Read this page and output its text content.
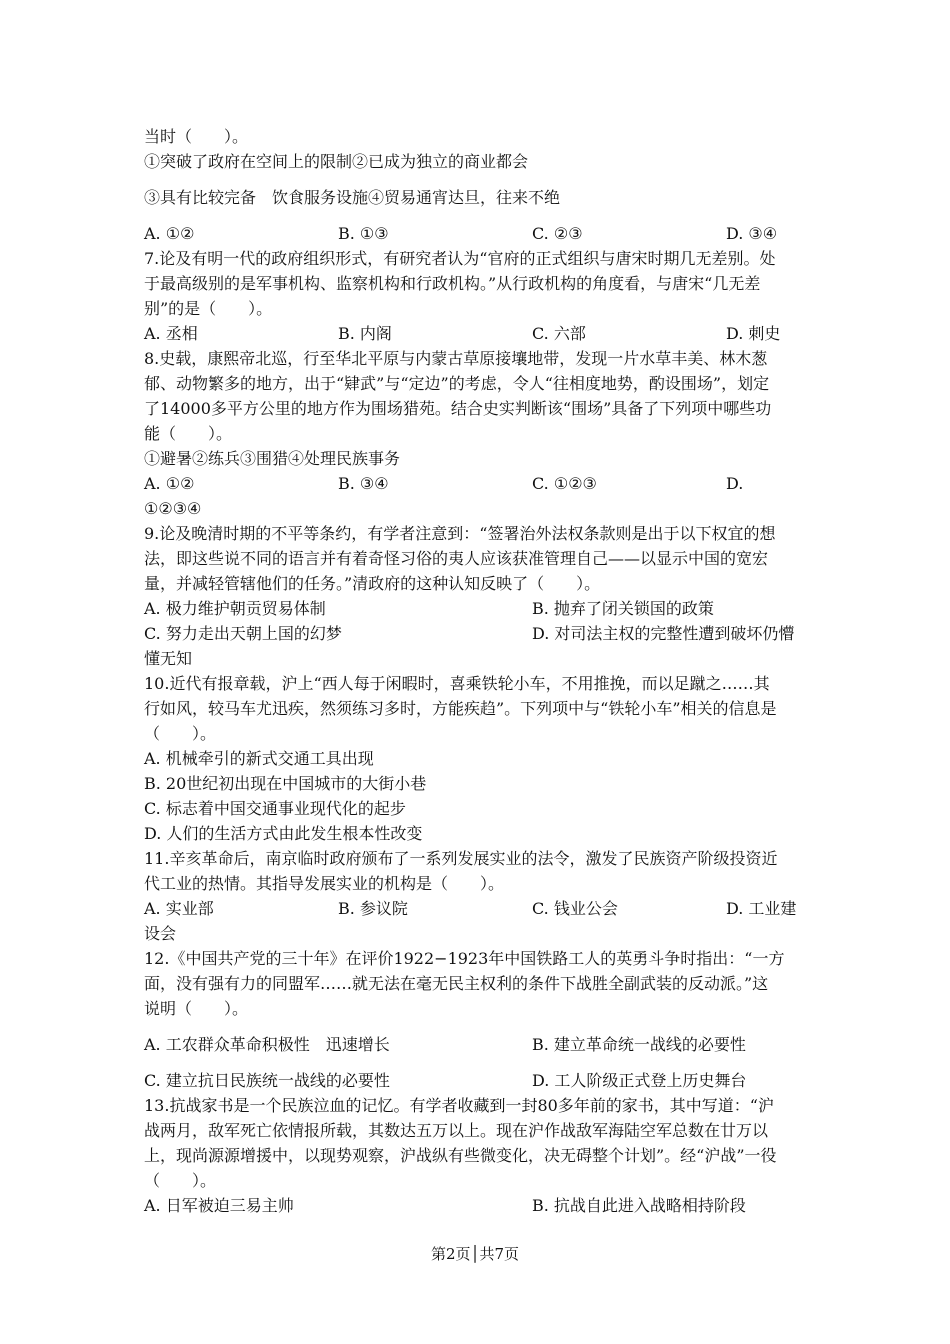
当时（　　）。
①突破了政府在空间上的限制②已成为独立的商业都会
③具有比较完备　饮食服务设施④贸易通宵达旦，往来不绝
A. ①②	B. ①③	C. ②③	D. ③④
7.论及有明一代的政府组织形式，有研究者认为“官府的正式组织与唐宋时期几无差别。处
于最高级别的是军事机构、监察机构和行政机构。”从行政机构的角度看，与唐宋“几无差
别”的是（　　）。
A. 丞相	B. 内阁	C. 六部	D. 刺史
8.史载，康熙帝北巡，行至华北平原与内蒙古草原接壤地带，发现一片水草丰美、林木葱
郁、动物繁多的地方，出于“肄武”与“定边”的考虑，令人“往相度地势，酌设围场”，划定
了14000多平方公里的地方作为围场猎苑。结合史实判断该“围场”具备了下列项中哪些功
能（　　）。
①避暑②练兵③围猎④处理民族事务
A. ①②	B. ③④	C. ①②③	D.
①②③④
9.论及晚清时期的不平等条约，有学者注意到：“签署治外法权条款则是出于以下权宜的想
法，即这些说不同的语言并有着奇怪习俗的夷人应该获准管理自己——以显示中国的宽宏
量，并减轻管辖他们的任务。”清政府的这种认知反映了（　　）。
A. 极力维护朝贡贸易体制	B. 抛弃了闭关锁国的政策
C. 努力走出天朝上国的幻梦	D. 对司法主权的完整性遭到破坏仍懵
懂无知
10.近代有报章载，沪上“西人每于闲暇时，喜乘铁轮小车，不用推挽，而以足蹴之……其
行如风，较马车尤迅疾，然须练习多时，方能疾趋”。下列项中与“铁轮小车”相关的信息是
（　　）。
A. 机械牵引的新式交通工具出现
B. 20世纪初出现在中国城市的大街小巷
C. 标志着中国交通事业现代化的起步
D. 人们的生活方式由此发生根本性改变
11.辛亥革命后，南京临时政府颁布了一系列发展实业的法令，激发了民族资产阶级投资近
代工业的热情。其指导发展实业的机构是（　　）。
A. 实业部	B. 参议院	C. 钱业公会	D. 工业建
设会
12.《中国共产党的三十年》在评价1922−1923年中国铁路工人的英勇斗争时指出：“一方
面，没有强有力的同盟军……就无法在毫无民主权利的条件下战胜全副武装的反动派。”这
说明（　　）。
A. 工农群众革命积极性　迅速增长	B. 建立革命统一战线的必要性
C. 建立抗日民族统一战线的必要性	D. 工人阶级正式登上历史舞台
13.抗战家书是一个民族泣血的记忆。有学者收藏到一封80多年前的家书，其中写道：“沪
战两月，敌军死亡依情报所载，其数达五万以上。现在沪作战敌军海陆空军总数在廿万以
上，现尚源源增援中，以现势观察，沪战纵有些微变化，决无碍整个计划”。经“沪战”一役
（　　）。
A. 日军被迫三易主帅	B. 抗战自此进入战略相持阶段
第2页│共7页
